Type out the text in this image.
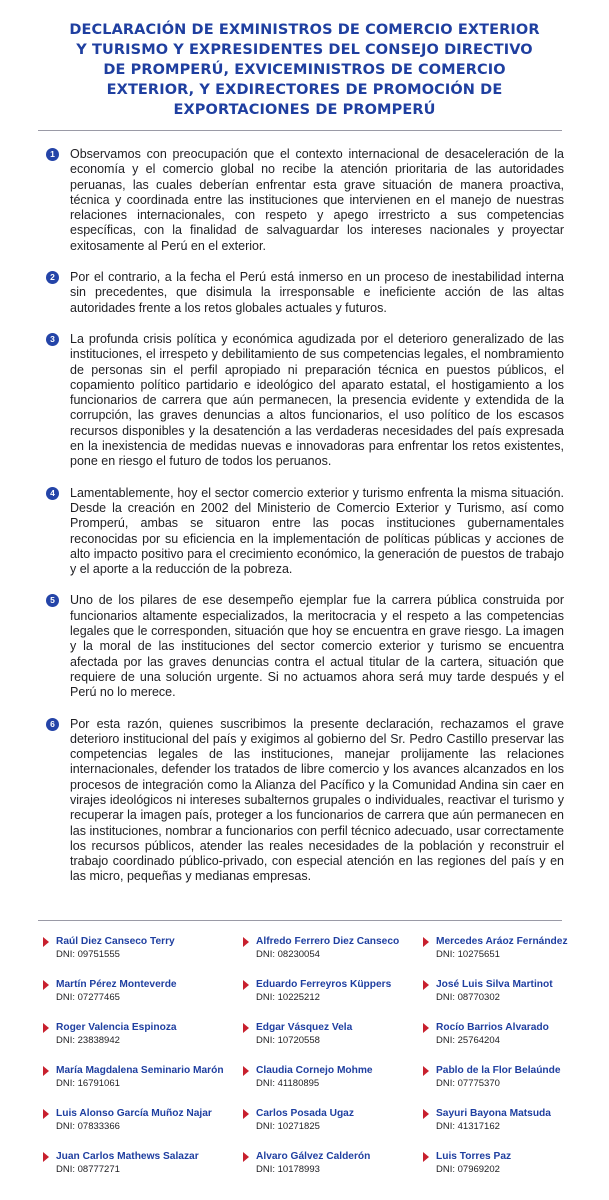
DECLARACIÓN DE EXMINISTROS DE COMERCIO EXTERIOR
Y TURISMO Y EXPRESIDENTES DEL CONSEJO DIRECTIVO
DE PROMPERÚ, EXVICEMINISTROS DE COMERCIO
EXTERIOR, Y EXDIRECTORES DE PROMOCIÓN DE
EXPORTACIONES DE PROMPERÚ
1	Observamos con preocupación que el contexto internacional de desaceleración de la economía y el comercio global no recibe la atención prioritaria de las autoridades peruanas, las cuales deberían enfrentar esta grave situación de manera proactiva, técnica y coordinada entre las instituciones que intervienen en el manejo de nuestras relaciones internacionales, con respeto y apego irrestricto a sus competencias específicas, con la finalidad de salvaguardar los intereses nacionales y proyectar exitosamente al Perú en el exterior.
2	Por el contrario, a la fecha el Perú está inmerso en un proceso de inestabilidad interna sin precedentes, que disimula la irresponsable e ineficiente acción de las altas autoridades frente a los retos globales actuales y futuros.
3	La profunda crisis política y económica agudizada por el deterioro generalizado de las instituciones, el irrespeto y debilitamiento de sus competencias legales, el nombramiento de personas sin el perfil apropiado ni preparación técnica en puestos públicos, el copamiento político partidario e ideológico del aparato estatal, el hostigamiento a los funcionarios de carrera que aún permanecen, la presencia evidente y extendida de la corrupción, las graves denuncias a altos funcionarios, el uso político de los escasos recursos disponibles y la desatención a las verdaderas necesidades del país expresada en la inexistencia de medidas nuevas e innovadoras para enfrentar los retos existentes, pone en riesgo el futuro de todos los peruanos.
4	Lamentablemente, hoy el sector comercio exterior y turismo enfrenta la misma situación. Desde la creación en 2002 del Ministerio de Comercio Exterior y Turismo, así como Promperú, ambas se situaron entre las pocas instituciones gubernamentales reconocidas por su eficiencia en la implementación de políticas públicas y acciones de alto impacto positivo para el crecimiento económico, la generación de puestos de trabajo y el aporte a la reducción de la pobreza.
5	Uno de los pilares de ese desempeño ejemplar fue la carrera pública construida por funcionarios altamente especializados, la meritocracia y el respeto a las competencias legales que le corresponden, situación que hoy se encuentra en grave riesgo. La imagen y la moral de las instituciones del sector comercio exterior y turismo se encuentra afectada por las graves denuncias contra el actual titular de la cartera, situación que requiere de una solución urgente. Si no actuamos ahora será muy tarde después y el Perú no lo merece.
6	Por esta razón, quienes suscribimos la presente declaración, rechazamos el grave deterioro institucional del país y exigimos al gobierno del Sr. Pedro Castillo preservar las competencias legales de las instituciones, manejar prolijamente las relaciones internacionales, defender los tratados de libre comercio y los avances alcanzados en los procesos de integración como la Alianza del Pacífico y la Comunidad Andina sin caer en virajes ideológicos ni intereses subalternos grupales o individuales, reactivar el turismo y recuperar la imagen país, proteger a los funcionarios de carrera que aún permanecen en las instituciones, nombrar a funcionarios con perfil técnico adecuado, usar correctamente los recursos públicos, atender las reales necesidades de la población y reconstruir el trabajo coordinado público-privado, con especial atención en las regiones del país y en las micro, pequeñas y medianas empresas.
Raúl Diez Canseco Terry
DNI: 09751555
Alfredo Ferrero Diez Canseco
DNI: 08230054
Mercedes Aráoz Fernández
DNI: 10275651
Martín Pérez Monteverde
DNI: 07277465
Eduardo Ferreyros Küppers
DNI: 10225212
José Luis Silva Martinot
DNI: 08770302
Roger Valencia Espinoza
DNI: 23838942
Edgar Vásquez Vela
DNI: 10720558
Rocío Barrios Alvarado
DNI: 25764204
María Magdalena Seminario Marón
DNI: 16791061
Claudia Cornejo Mohme
DNI: 41180895
Pablo de la Flor Belaúnde
DNI: 07775370
Luis Alonso García Muñoz Najar
DNI: 07833366
Carlos Posada Ugaz
DNI: 10271825
Sayuri Bayona Matsuda
DNI: 41317162
Juan Carlos Mathews Salazar
DNI: 08777271
Alvaro Gálvez Calderón
DNI: 10178993
Luis Torres Paz
DNI: 07969202
